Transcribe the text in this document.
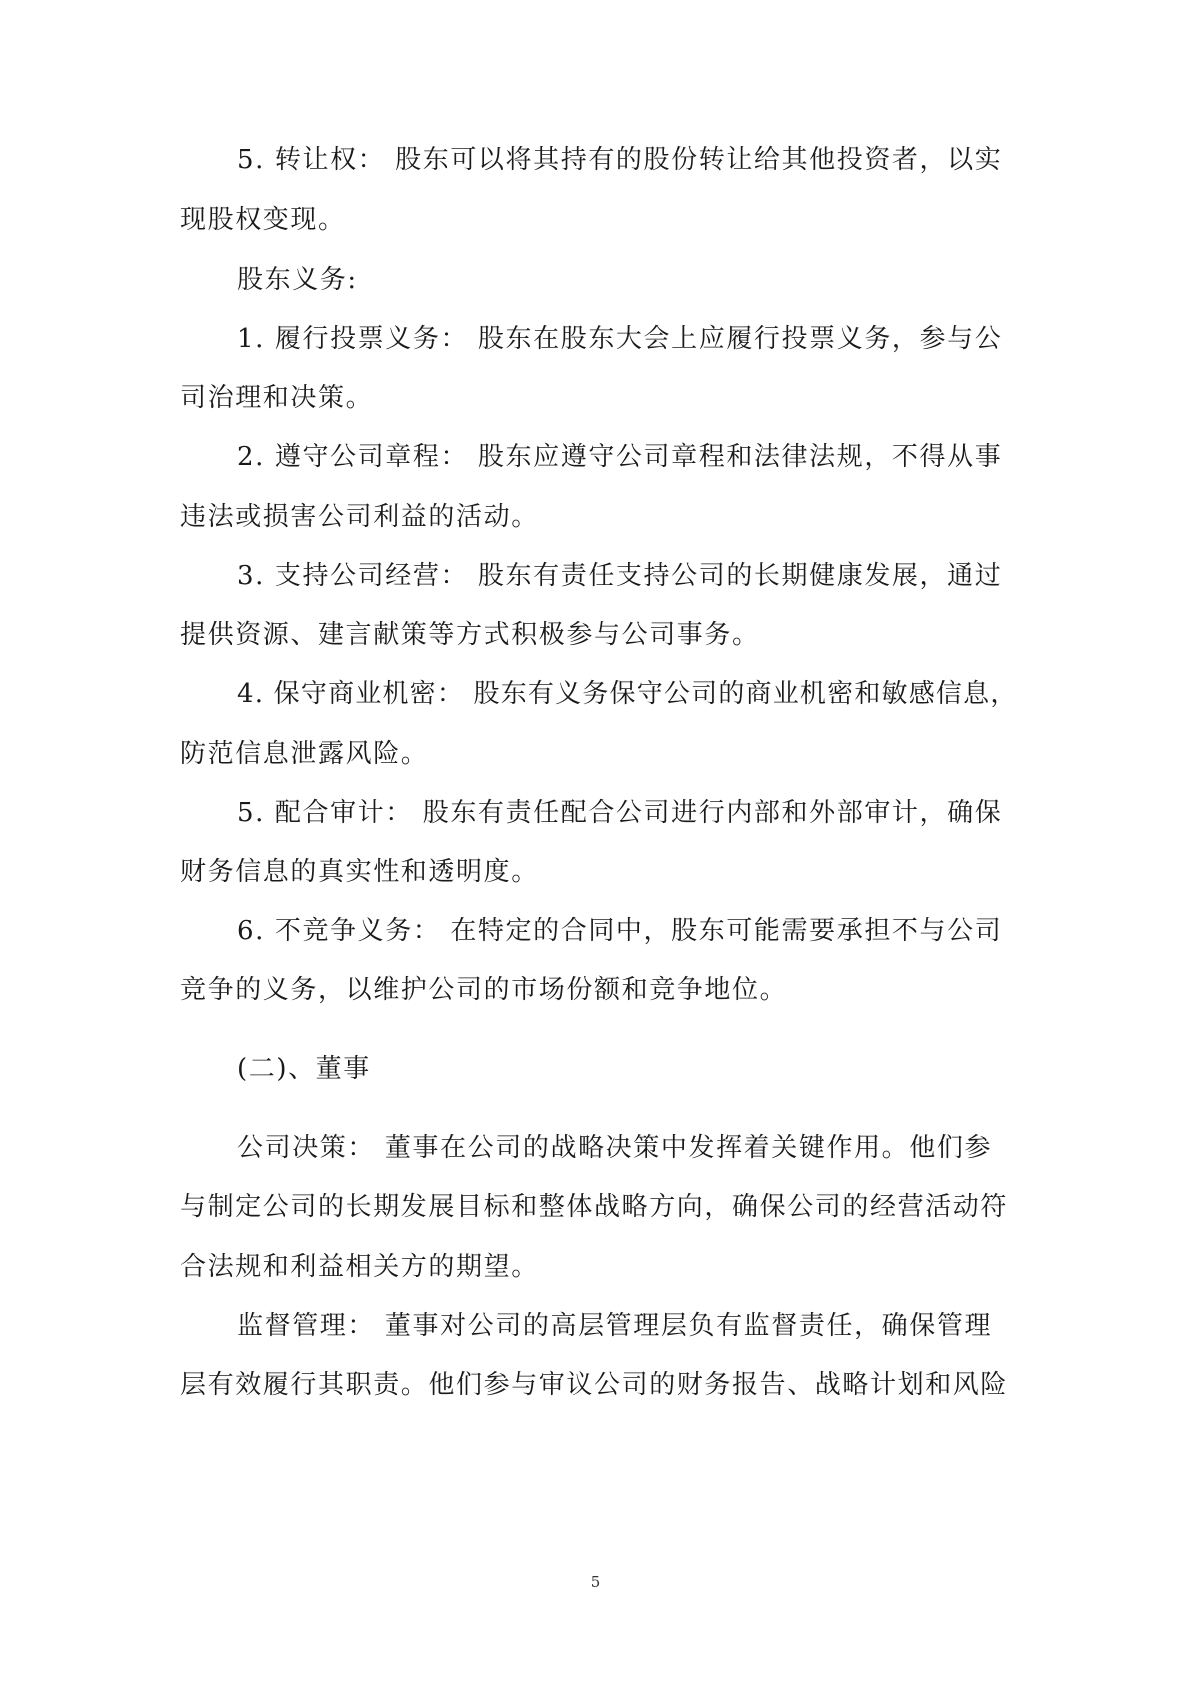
5. 转让权： 股东可以将其持有的股份转让给其他投资者，以实
现股权变现。
股东义务:
1. 履行投票义务： 股东在股东大会上应履行投票义务，参与公
司治理和决策。
2. 遵守公司章程： 股东应遵守公司章程和法律法规，不得从事
违法或损害公司利益的活动。
3. 支持公司经营： 股东有责任支持公司的长期健康发展，通过
提供资源、建言献策等方式积极参与公司事务。
4. 保守商业机密： 股东有义务保守公司的商业机密和敏感信息，
防范信息泄露风险。
5. 配合审计： 股东有责任配合公司进行内部和外部审计，确保
财务信息的真实性和透明度。
6. 不竞争义务： 在特定的合同中，股东可能需要承担不与公司
竞争的义务，以维护公司的市场份额和竞争地位。
(二)、董事
公司决策： 董事在公司的战略决策中发挥着关键作用。他们参
与制定公司的长期发展目标和整体战略方向，确保公司的经营活动符
合法规和利益相关方的期望。
监督管理： 董事对公司的高层管理层负有监督责任，确保管理
层有效履行其职责。他们参与审议公司的财务报告、战略计划和风险
5
